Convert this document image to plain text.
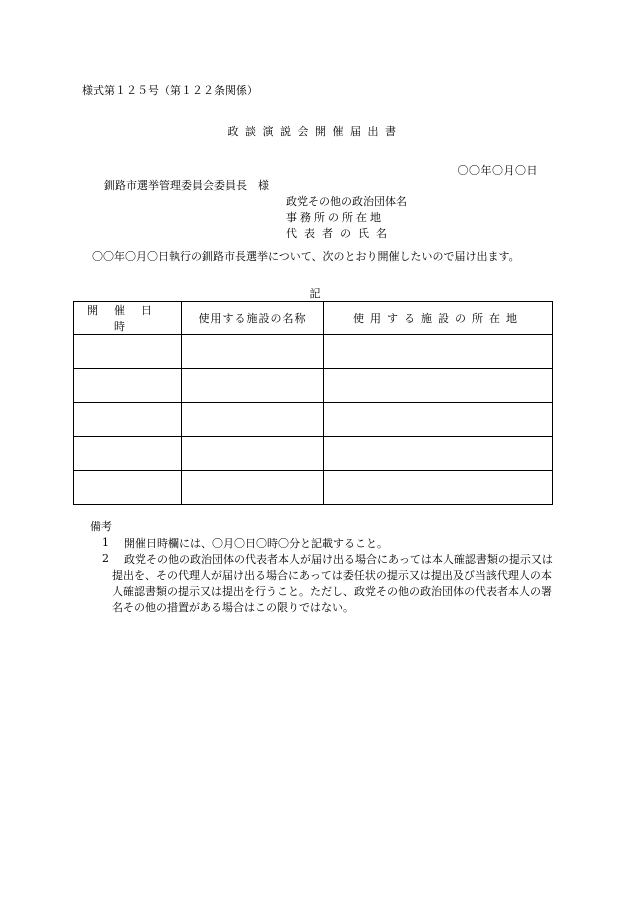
様式第１２５号（第１２２条関係）
政談演説会開催届出書
〇〇年〇月〇日
釧路市選挙管理委員会委員長　様
政党その他の政治団体名
事務所の所在地
代表者の氏名
〇〇年〇月〇日執行の釧路市長選挙について、次のとおり開催したいので届け出ます。
記
開催日時	使用する施設の名称	使用する施設の所在地

備考
1 開催日時欄には、〇月〇日〇時〇分と記載すること。
2	政党その他の政治団体の代表者本人が届け出る場合にあっては本人確認書類の提示又は提出を、その代理人が届け出る場合にあっては委任状の提示又は提出及び当該代理人の本人確認書類の提示又は提出を行うこと。ただし、政党その他の政治団体の代表者本人の署名その他の措置がある場合はこの限りではない。
